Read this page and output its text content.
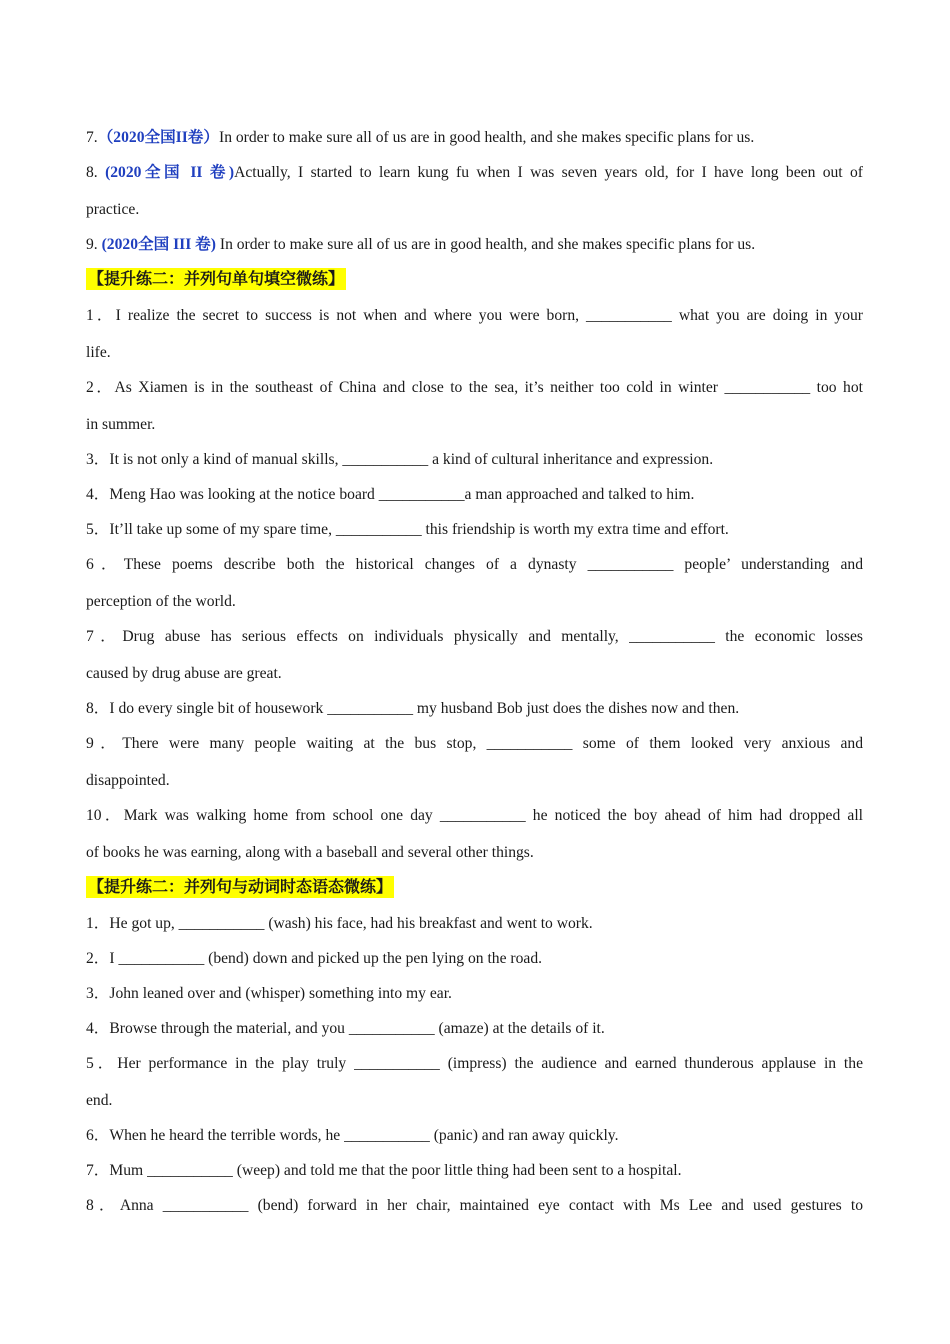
7.（2020全国II卷）In order to make sure all of us are in good health, and she makes specific plans for us.
8. (2020全国 II 卷)Actually, I started to learn kung fu when I was seven years old, for I have long been out of
practice.
9. (2020全国 III 卷) In order to make sure all of us are in good health, and she makes specific plans for us.
【提升练二：并列句单句填空微练】
1．I realize the secret to success is not when and where you were born, ___________ what you are doing in your
life.
2．As Xiamen is in the southeast of China and close to the sea, it’s neither too cold in winter ___________ too hot
in summer.
3．It is not only a kind of manual skills, ___________ a kind of cultural inheritance and expression.
4．Meng Hao was looking at the notice board ___________a man approached and talked to him.
5．It’ll take up some of my spare time, ___________ this friendship is worth my extra time and effort.
6．These poems describe both the historical changes of a dynasty ___________ people’ understanding and
perception of the world.
7．Drug abuse has serious effects on individuals physically and mentally, ___________ the economic losses
caused by drug abuse are great.
8．I do every single bit of housework ___________ my husband Bob just does the dishes now and then.
9．There were many people waiting at the bus stop, ___________ some of them looked very anxious and
disappointed.
10．Mark was walking home from school one day ___________ he noticed the boy ahead of him had dropped all
of books he was earning, along with a baseball and several other things.
【提升练二：并列句与动词时态语态微练】
1．He got up, ___________ (wash) his face, had his breakfast and went to work.
2．I ___________ (bend) down and picked up the pen lying on the road.
3．John leaned over and (whisper) something into my ear.
4．Browse through the material, and you ___________ (amaze) at the details of it.
5．Her performance in the play truly ___________ (impress) the audience and earned thunderous applause in the
end.
6．When he heard the terrible words, he ___________ (panic) and ran away quickly.
7．Mum ___________ (weep) and told me that the poor little thing had been sent to a hospital.
8．Anna ___________ (bend) forward in her chair, maintained eye contact with Ms Lee and used gestures to
